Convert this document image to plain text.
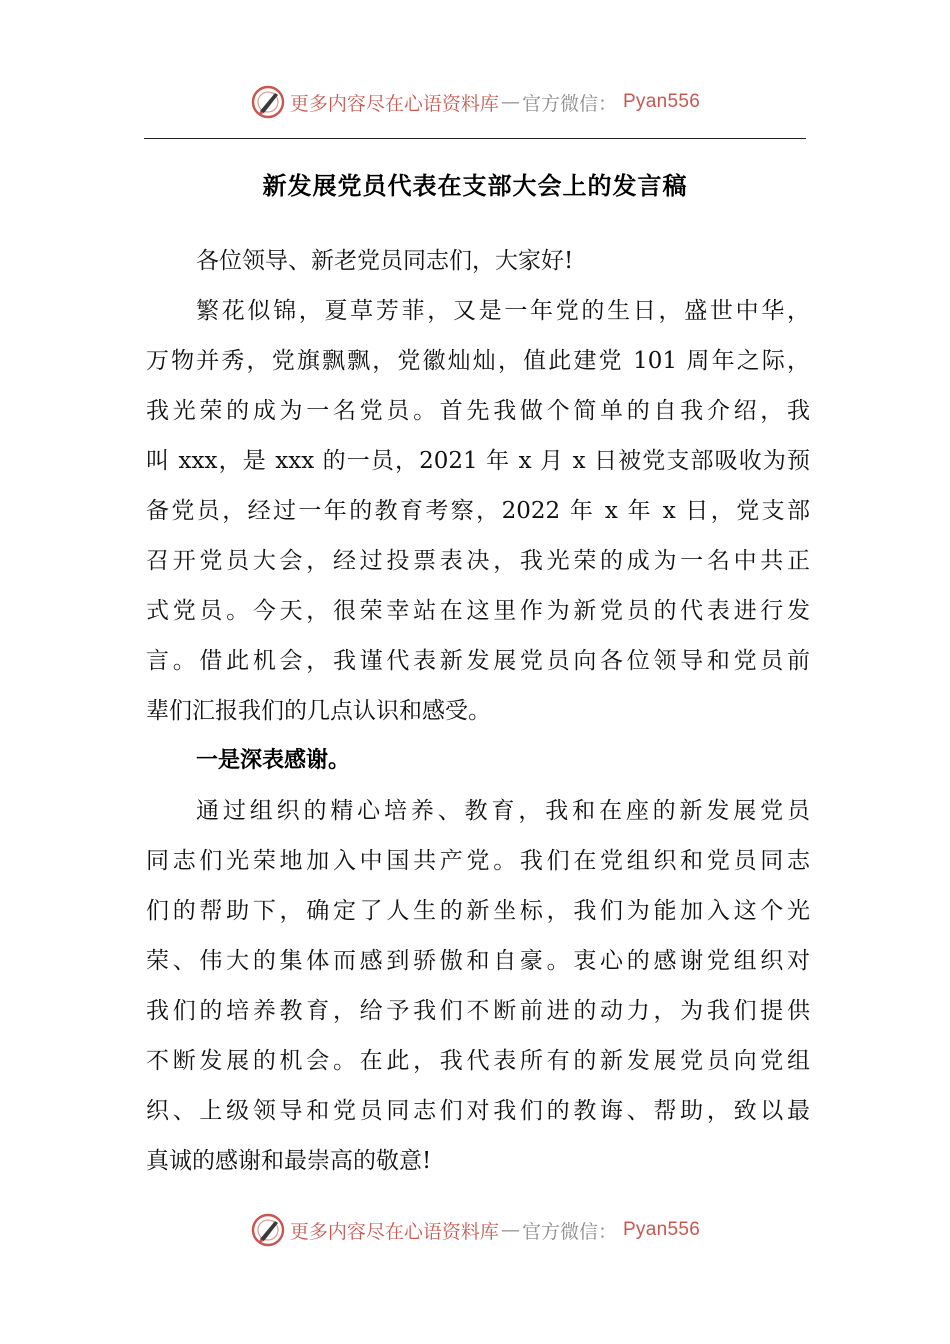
更多内容尽在心语资料库 — 官方微信： Pyan556
新发展党员代表在支部大会上的发言稿
各位领导、新老党员同志们，大家好!
繁花似锦，夏草芳菲，又是一年党的生日，盛世中华，
万物并秀，党旗飘飘，党徽灿灿，值此建党 101 周年之际，
我光荣的成为一名党员。首先我做个简单的自我介绍，我
叫 xxx，是 xxx 的一员，2021 年 x 月 x 日被党支部吸收为预
备党员，经过一年的教育考察，2022 年 x 年 x 日，党支部
召开党员大会，经过投票表决，我光荣的成为一名中共正
式党员。今天，很荣幸站在这里作为新党员的代表进行发
言。借此机会，我谨代表新发展党员向各位领导和党员前
辈们汇报我们的几点认识和感受。
一是深表感谢。
通过组织的精心培养、教育，我和在座的新发展党员
同志们光荣地加入中国共产党。我们在党组织和党员同志
们的帮助下，确定了人生的新坐标，我们为能加入这个光
荣、伟大的集体而感到骄傲和自豪。衷心的感谢党组织对
我们的培养教育，给予我们不断前进的动力，为我们提供
不断发展的机会。在此，我代表所有的新发展党员向党组
织、上级领导和党员同志们对我们的教诲、帮助，致以最
真诚的感谢和最崇高的敬意!
更多内容尽在心语资料库 — 官方微信： Pyan556
